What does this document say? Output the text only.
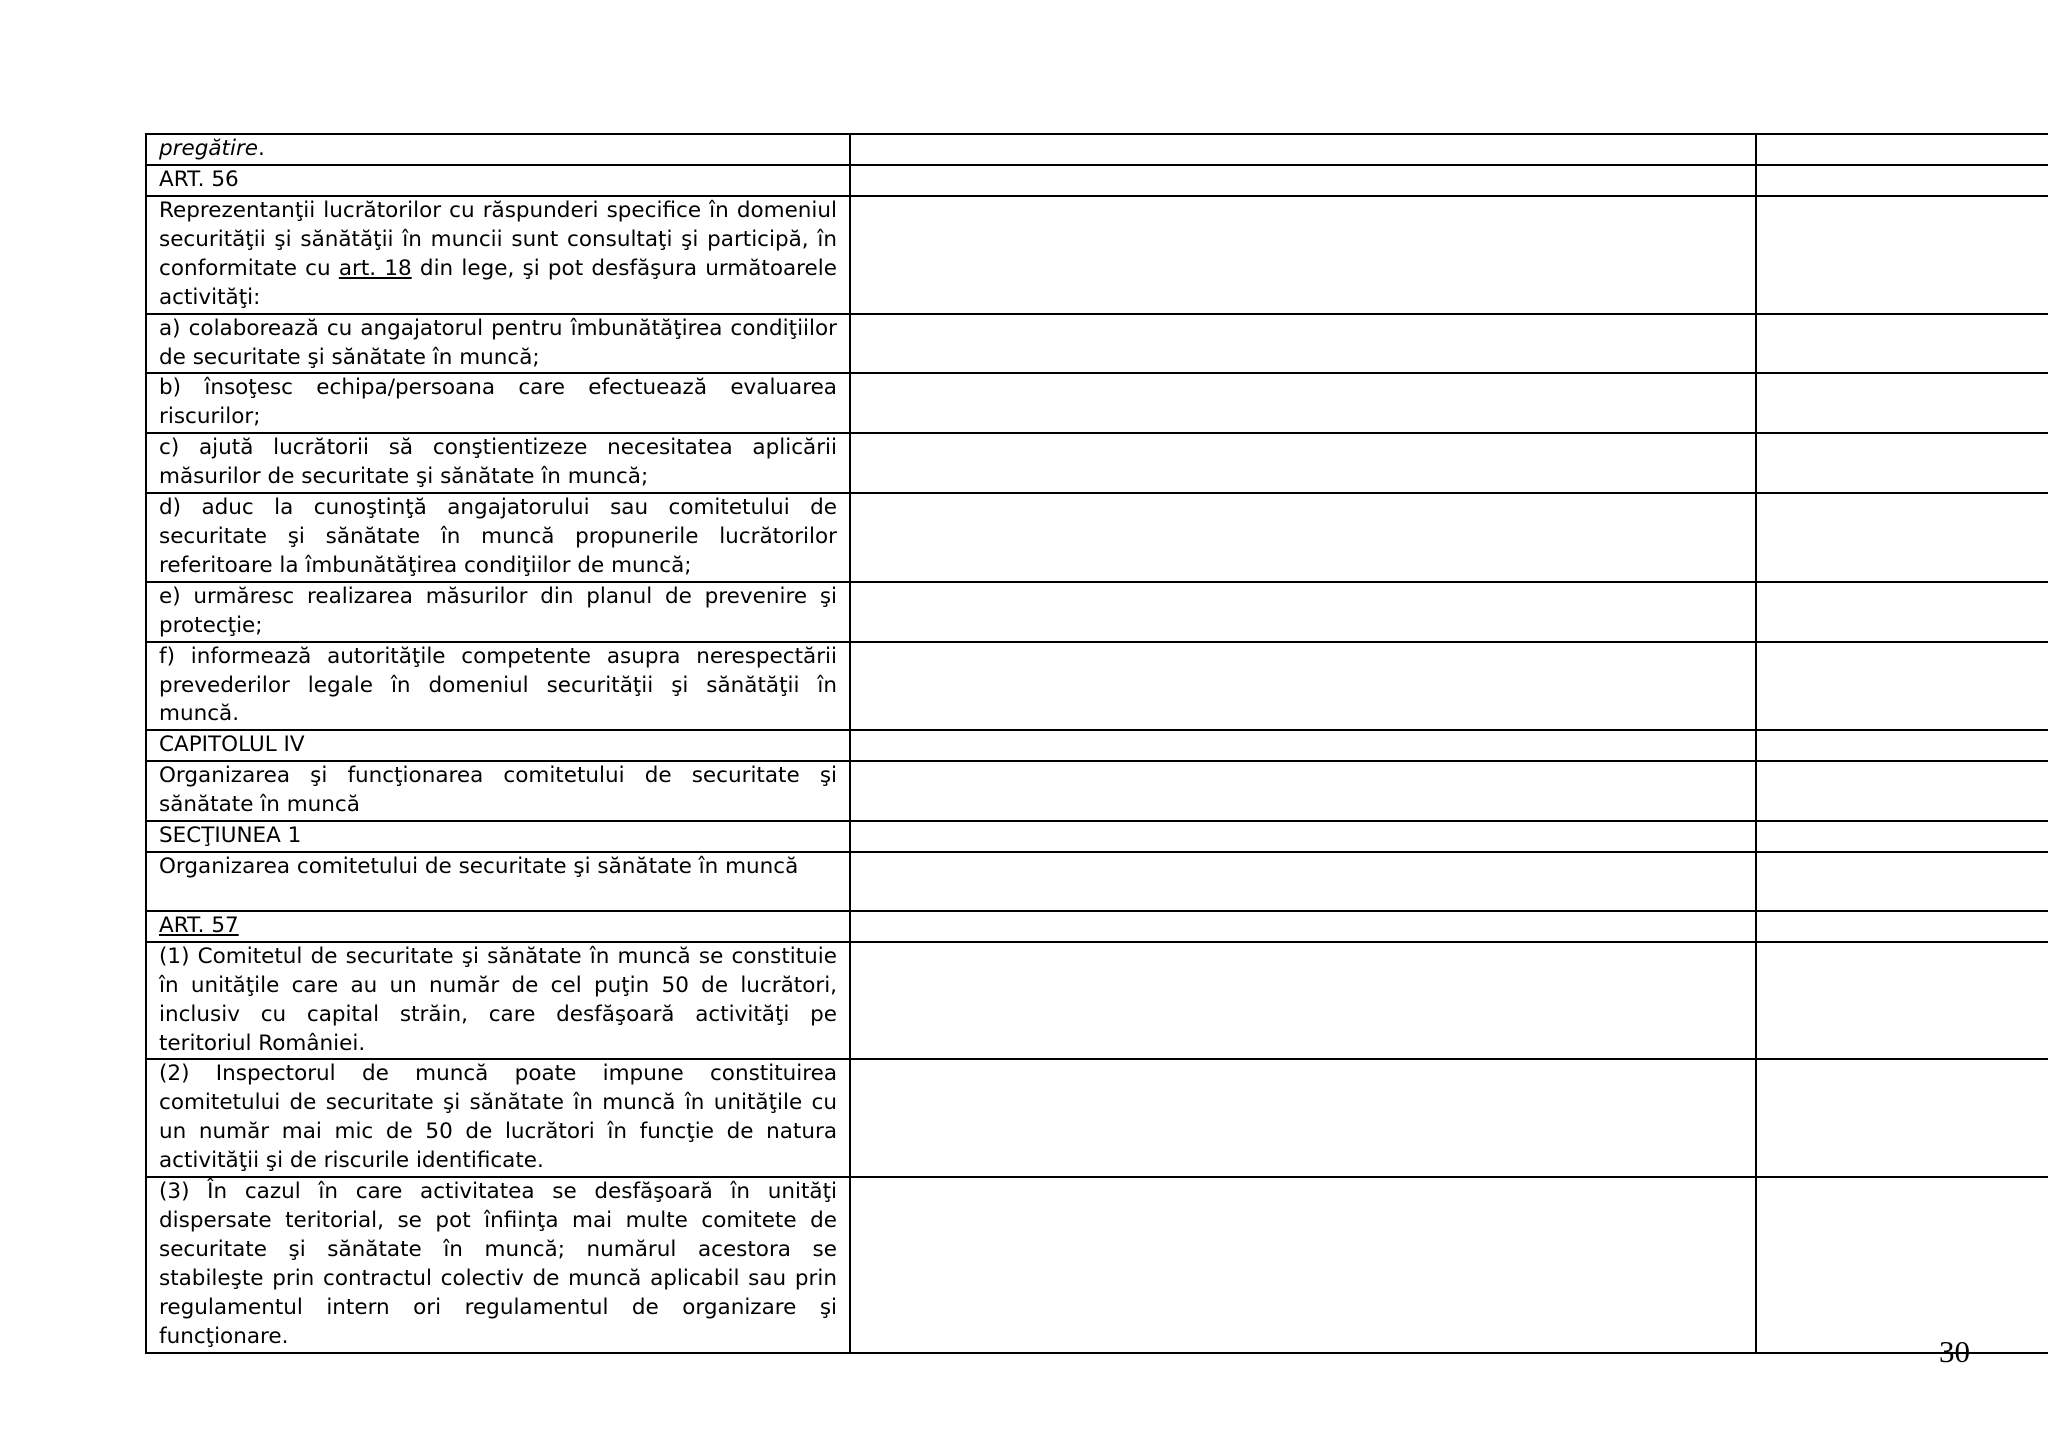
pregătire.		
ART. 56		
Reprezentanţii lucrătorilor cu răspunderi specifice în domeniul securităţii şi sănătăţii în muncii sunt consultaţi şi participă, în conformitate cu art. 18 din lege, şi pot desfăşura următoarele activităţi:		
a) colaborează cu angajatorul pentru îmbunătăţirea condiţiilor de securitate şi sănătate în muncă;		
b) însoţesc echipa/persoana care efectuează evaluarea riscurilor;		
c) ajută lucrătorii să conştientizeze necesitatea aplicării măsurilor de securitate şi sănătate în muncă;		
d) aduc la cunoştinţă angajatorului sau comitetului de securitate şi sănătate în muncă propunerile lucrătorilor referitoare la îmbunătăţirea condiţiilor de muncă;		
e) urmăresc realizarea măsurilor din planul de prevenire şi protecţie;		
f) informează autorităţile competente asupra nerespectării prevederilor legale în domeniul securităţii şi sănătăţii în muncă.		
CAPITOLUL IV		
Organizarea şi funcţionarea comitetului de securitate şi sănătate în muncă		
SECŢIUNEA 1		
Organizarea comitetului de securitate şi sănătate în muncă		
ART. 57		
(1) Comitetul de securitate şi sănătate în muncă se constituie în unităţile care au un număr de cel puţin 50 de lucrători, inclusiv cu capital străin, care desfăşoară activităţi pe teritoriul României.		
(2) Inspectorul de muncă poate impune constituirea comitetului de securitate şi sănătate în muncă în unităţile cu un număr mai mic de 50 de lucrători în funcţie de natura activităţii şi de riscurile identificate.		
(3) În cazul în care activitatea se desfăşoară în unităţi dispersate teritorial, se pot înfiinţa mai multe comitete de securitate şi sănătate în muncă; numărul acestora se stabileşte prin contractul colectiv de muncă aplicabil sau prin regulamentul intern ori regulamentul de organizare şi funcţionare.			30
